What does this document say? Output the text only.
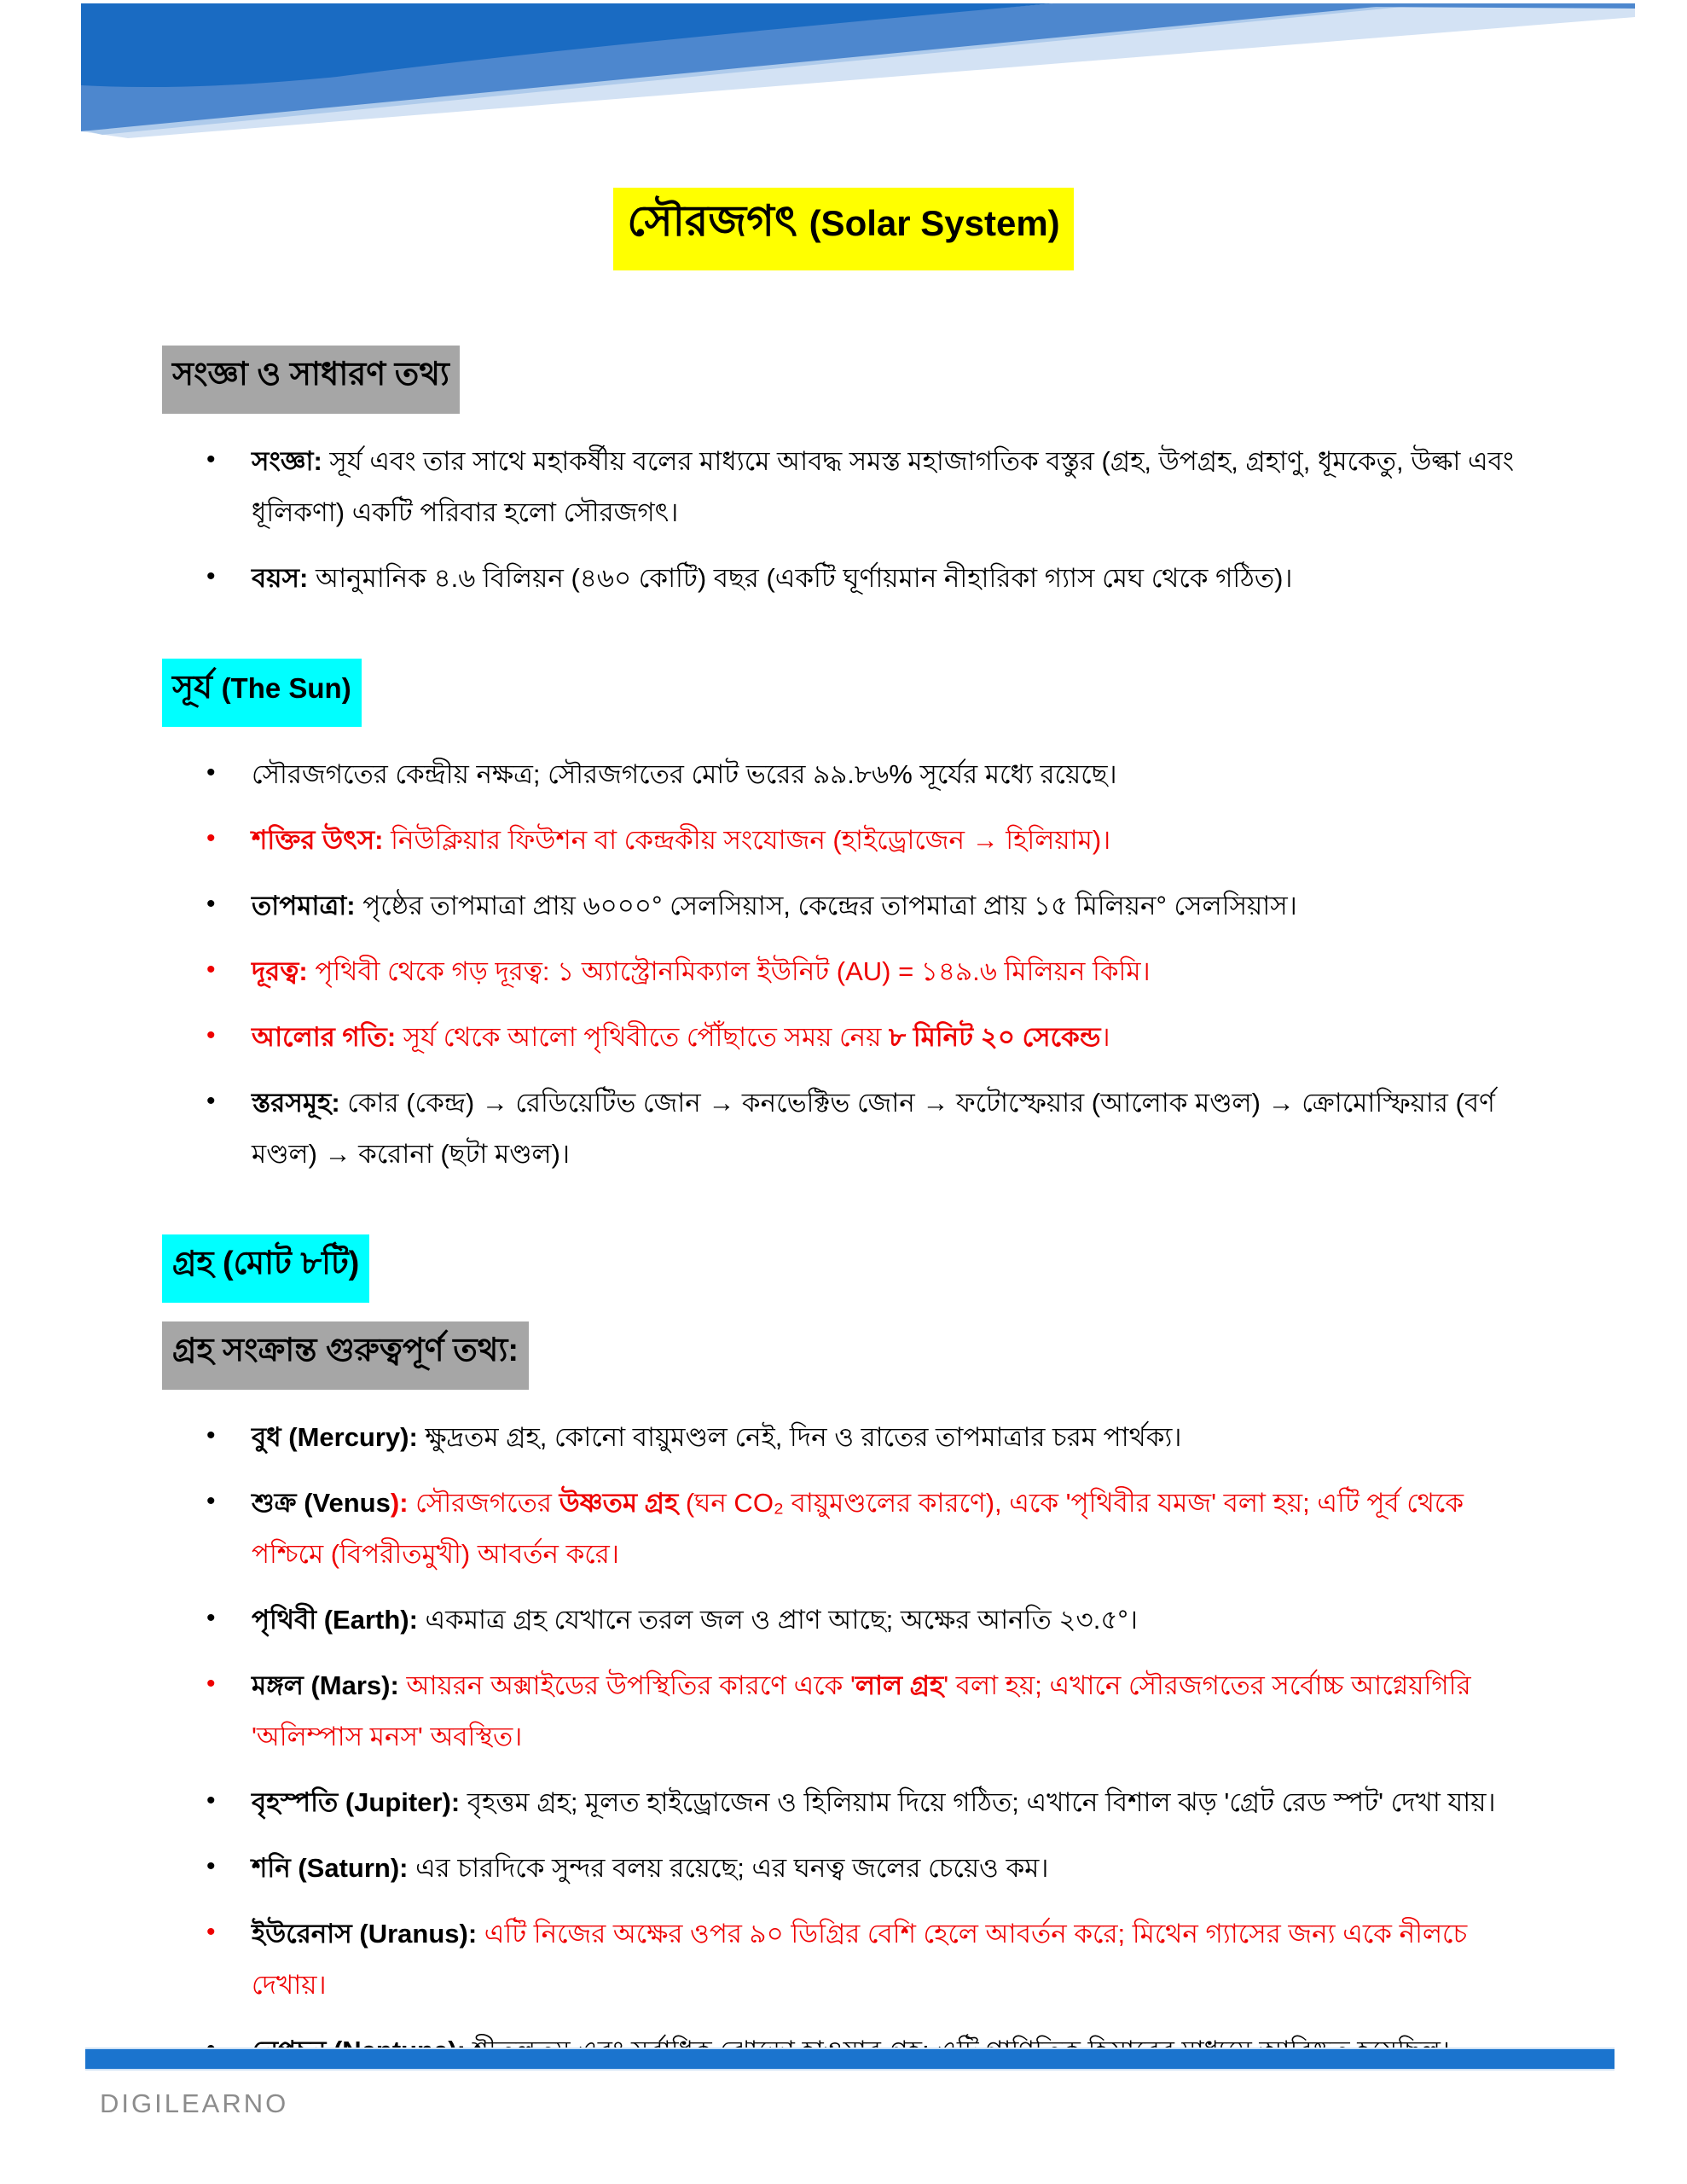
সৌরজগৎ (Solar System)
সংজ্ঞা ও সাধারণ তথ্য
• সংজ্ঞা: সূর্য এবং তার সাথে মহাকর্ষীয় বলের মাধ্যমে আবদ্ধ সমস্ত মহাজাগতিক বস্তুর (গ্রহ, উপগ্রহ, গ্রহাণু, ধূমকেতু, উল্কা এবং ধূলিকণা) একটি পরিবার হলো সৌরজগৎ।
• বয়স: আনুমানিক ৪.৬ বিলিয়ন (৪৬০ কোটি) বছর (একটি ঘূর্ণায়মান নীহারিকা গ্যাস মেঘ থেকে গঠিত)।
সূর্য (The Sun)
• সৌরজগতের কেন্দ্রীয় নক্ষত্র; সৌরজগতের মোট ভরের ৯৯.৮৬% সূর্যের মধ্যে রয়েছে।
• শক্তির উৎস: নিউক্লিয়ার ফিউশন বা কেন্দ্রকীয় সংযোজন (হাইড্রোজেন → হিলিয়াম)।
• তাপমাত্রা: পৃষ্ঠের তাপমাত্রা প্রায় ৬০০০° সেলসিয়াস, কেন্দ্রের তাপমাত্রা প্রায় ১৫ মিলিয়ন° সেলসিয়াস।
• দূরত্ব: পৃথিবী থেকে গড় দূরত্ব: ১ অ্যাস্ট্রোনমিক্যাল ইউনিট (AU) = ১৪৯.৬ মিলিয়ন কিমি।
• আলোর গতি: সূর্য থেকে আলো পৃথিবীতে পৌঁছাতে সময় নেয় ৮ মিনিট ২০ সেকেন্ড।
• স্তরসমূহ: কোর (কেন্দ্র) → রেডিয়েটিভ জোন → কনভেক্টিভ জোন → ফটোস্ফেয়ার (আলোক মণ্ডল) → ক্রোমোস্ফিয়ার (বর্ণ মণ্ডল) → করোনা (ছটা মণ্ডল)।
গ্রহ (মোট ৮টি)
গ্রহ সংক্রান্ত গুরুত্বপূর্ণ তথ্য:
• বুধ (Mercury): ক্ষুদ্রতম গ্রহ, কোনো বায়ুমণ্ডল নেই, দিন ও রাতের তাপমাত্রার চরম পার্থক্য।
• শুক্র (Venus): সৌরজগতের উষ্ণতম গ্রহ (ঘন CO₂ বায়ুমণ্ডলের কারণে), একে 'পৃথিবীর যমজ' বলা হয়; এটি পূর্ব থেকে পশ্চিমে (বিপরীতমুখী) আবর্তন করে।
• পৃথিবী (Earth): একমাত্র গ্রহ যেখানে তরল জল ও প্রাণ আছে; অক্ষের আনতি ২৩.৫°।
• মঙ্গল (Mars): আয়রন অক্সাইডের উপস্থিতির কারণে একে 'লাল গ্রহ' বলা হয়; এখানে সৌরজগতের সর্বোচ্চ আগ্নেয়গিরি 'অলিম্পাস মনস' অবস্থিত।
• বৃহস্পতি (Jupiter): বৃহত্তম গ্রহ; মূলত হাইড্রোজেন ও হিলিয়াম দিয়ে গঠিত; এখানে বিশাল ঝড় 'গ্রেট রেড স্পট' দেখা যায়।
• শনি (Saturn): এর চারদিকে সুন্দর বলয় রয়েছে; এর ঘনত্ব জলের চেয়েও কম।
• ইউরেনাস (Uranus): এটি নিজের অক্ষের ওপর ৯০ ডিগ্রির বেশি হেলে আবর্তন করে; মিথেন গ্যাসের জন্য একে নীলচে দেখায়।
DIGILEARNO
